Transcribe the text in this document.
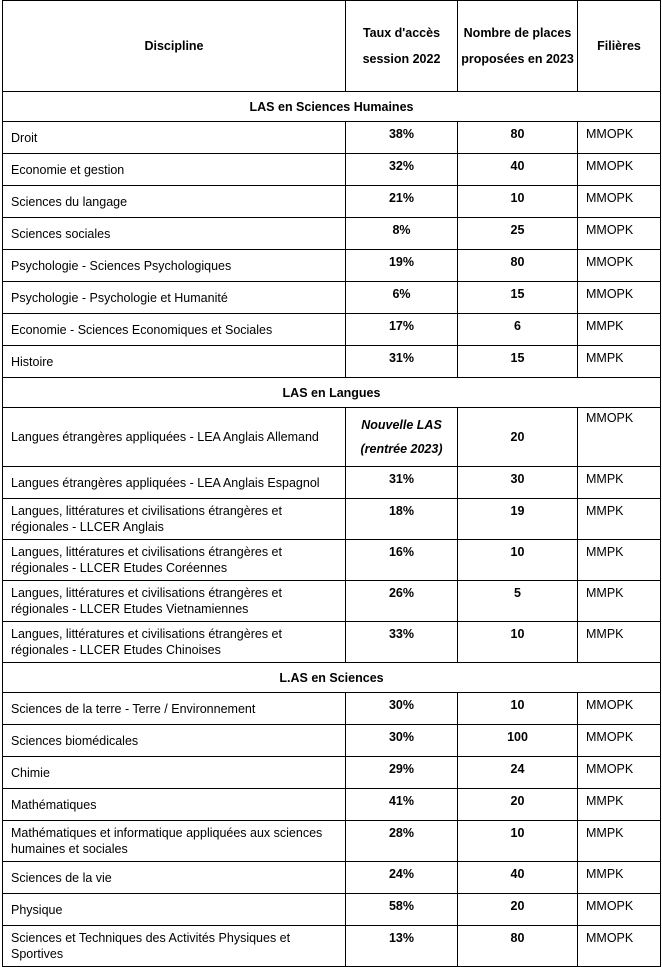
Discipline	Taux d'accès session 2022	Nombre de places proposées en 2023	Filières
LAS en Sciences Humaines			
Droit	38%	80	MMOPK
Economie et gestion	32%	40	MMOPK
Sciences du langage	21%	10	MMOPK
Sciences sociales	8%	25	MMOPK
Psychologie - Sciences Psychologiques	19%	80	MMOPK
Psychologie - Psychologie et Humanité	6%	15	MMOPK
Economie - Sciences Economiques et Sociales	17%	6	MMPK
Histoire	31%	15	MMPK
LAS en Langues			
Langues étrangères appliquées - LEA Anglais Allemand	Nouvelle LAS (rentrée 2023)	20	MMOPK
Langues étrangères appliquées - LEA Anglais Espagnol	31%	30	MMPK
Langues, littératures et civilisations étrangères et régionales - LLCER Anglais	18%	19	MMPK
Langues, littératures et civilisations étrangères et régionales - LLCER Etudes Coréennes	16%	10	MMPK
Langues, littératures et civilisations étrangères et régionales - LLCER Etudes Vietnamiennes	26%	5	MMPK
Langues, littératures et civilisations étrangères et régionales - LLCER Etudes Chinoises	33%	10	MMPK
L.AS en Sciences			
Sciences de la terre - Terre / Environnement	30%	10	MMOPK
Sciences biomédicales	30%	100	MMOPK
Chimie	29%	24	MMOPK
Mathématiques	41%	20	MMPK
Mathématiques et informatique appliquées aux sciences humaines et sociales	28%	10	MMPK
Sciences de la vie	24%	40	MMPK
Physique	58%	20	MMOPK
Sciences et Techniques des Activités Physiques et Sportives	13%	80	MMOPK
